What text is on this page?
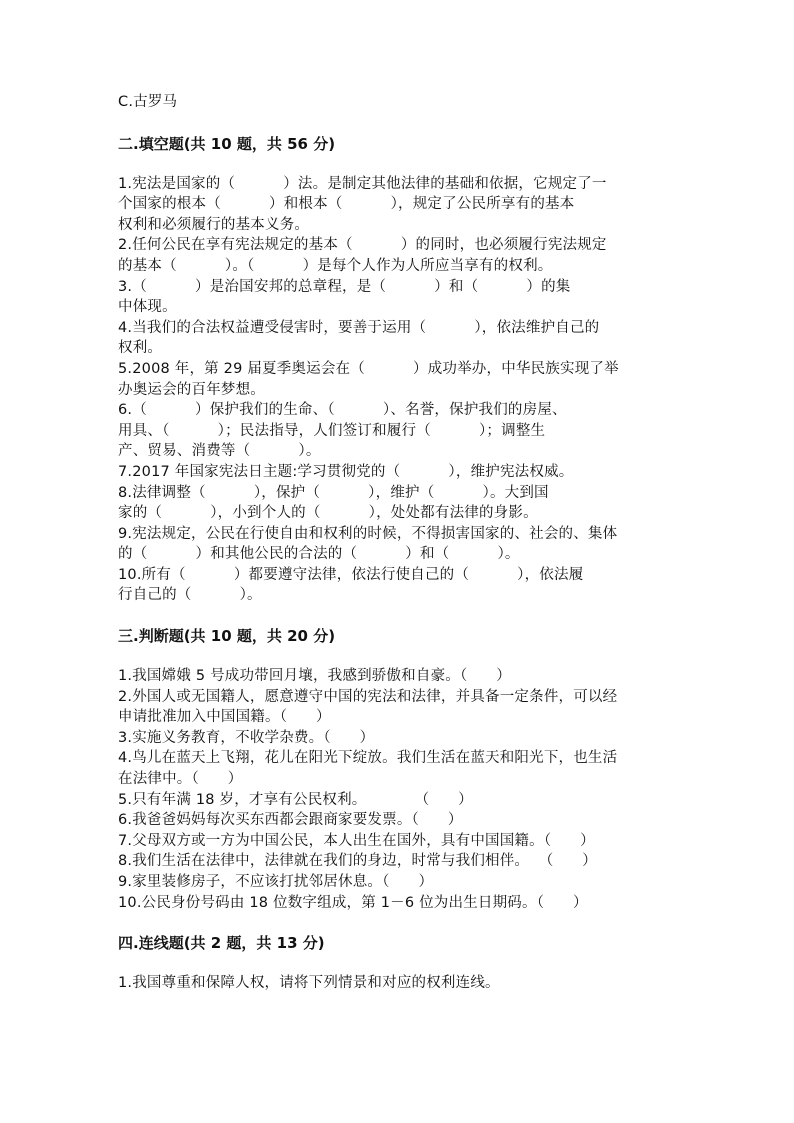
C.古罗马
二.填空题(共 10 题，共 56 分)
1.宪法是国家的（          ）法。是制定其他法律的基础和依据，它规定了一
个国家的根本（          ）和根本（          ），规定了公民所享有的基本
权利和必须履行的基本义务。
2.任何公民在享有宪法规定的基本（          ）的同时，也必须履行宪法规定
的基本（          ）。（          ）是每个人作为人所应当享有的权利。
3.（          ）是治国安邦的总章程，是（          ）和（          ）的集
中体现。
4.当我们的合法权益遭受侵害时，要善于运用（          ），依法维护自己的
权利。
5.2008 年，第 29 届夏季奥运会在（          ）成功举办，中华民族实现了举
办奥运会的百年梦想。
6.（          ）保护我们的生命、（          ）、名誉，保护我们的房屋、
用具、（          ）；民法指导，人们签订和履行（          ）；调整生
产、贸易、消费等（          ）。
7.2017 年国家宪法日主题:学习贯彻党的（          ），维护宪法权威。
8.法律调整（          ），保护（          ），维护（          ）。大到国
家的（          ），小到个人的（          ），处处都有法律的身影。
9.宪法规定，公民在行使自由和权利的时候，不得损害国家的、社会的、集体
的（          ）和其他公民的合法的（          ）和（          ）。
10.所有（          ）都要遵守法律，依法行使自己的（          ），依法履
行自己的（          ）。
三.判断题(共 10 题，共 20 分)
1.我国嫦娥 5 号成功带回月壤，我感到骄傲和自豪。（      ）
2.外国人或无国籍人，愿意遵守中国的宪法和法律，并具备一定条件，可以经
申请批准加入中国国籍。（      ）
3.实施义务教育，不收学杂费。（      ）
4.鸟儿在蓝天上飞翔，花儿在阳光下绽放。我们生活在蓝天和阳光下，也生活
在法律中。（      ）
5.只有年满 18 岁，才享有公民权利。          （      ）
6.我爸爸妈妈每次买东西都会跟商家要发票。（      ）
7.父母双方或一方为中国公民，本人出生在国外，具有中国国籍。（      ）
8.我们生活在法律中，法律就在我们的身边，时常与我们相伴。  （      ）
9.家里装修房子，不应该打扰邻居休息。（      ）
10.公民身份号码由 18 位数字组成，第 1－6 位为出生日期码。（      ）
四.连线题(共 2 题，共 13 分)
1.我国尊重和保障人权，请将下列情景和对应的权利连线。
